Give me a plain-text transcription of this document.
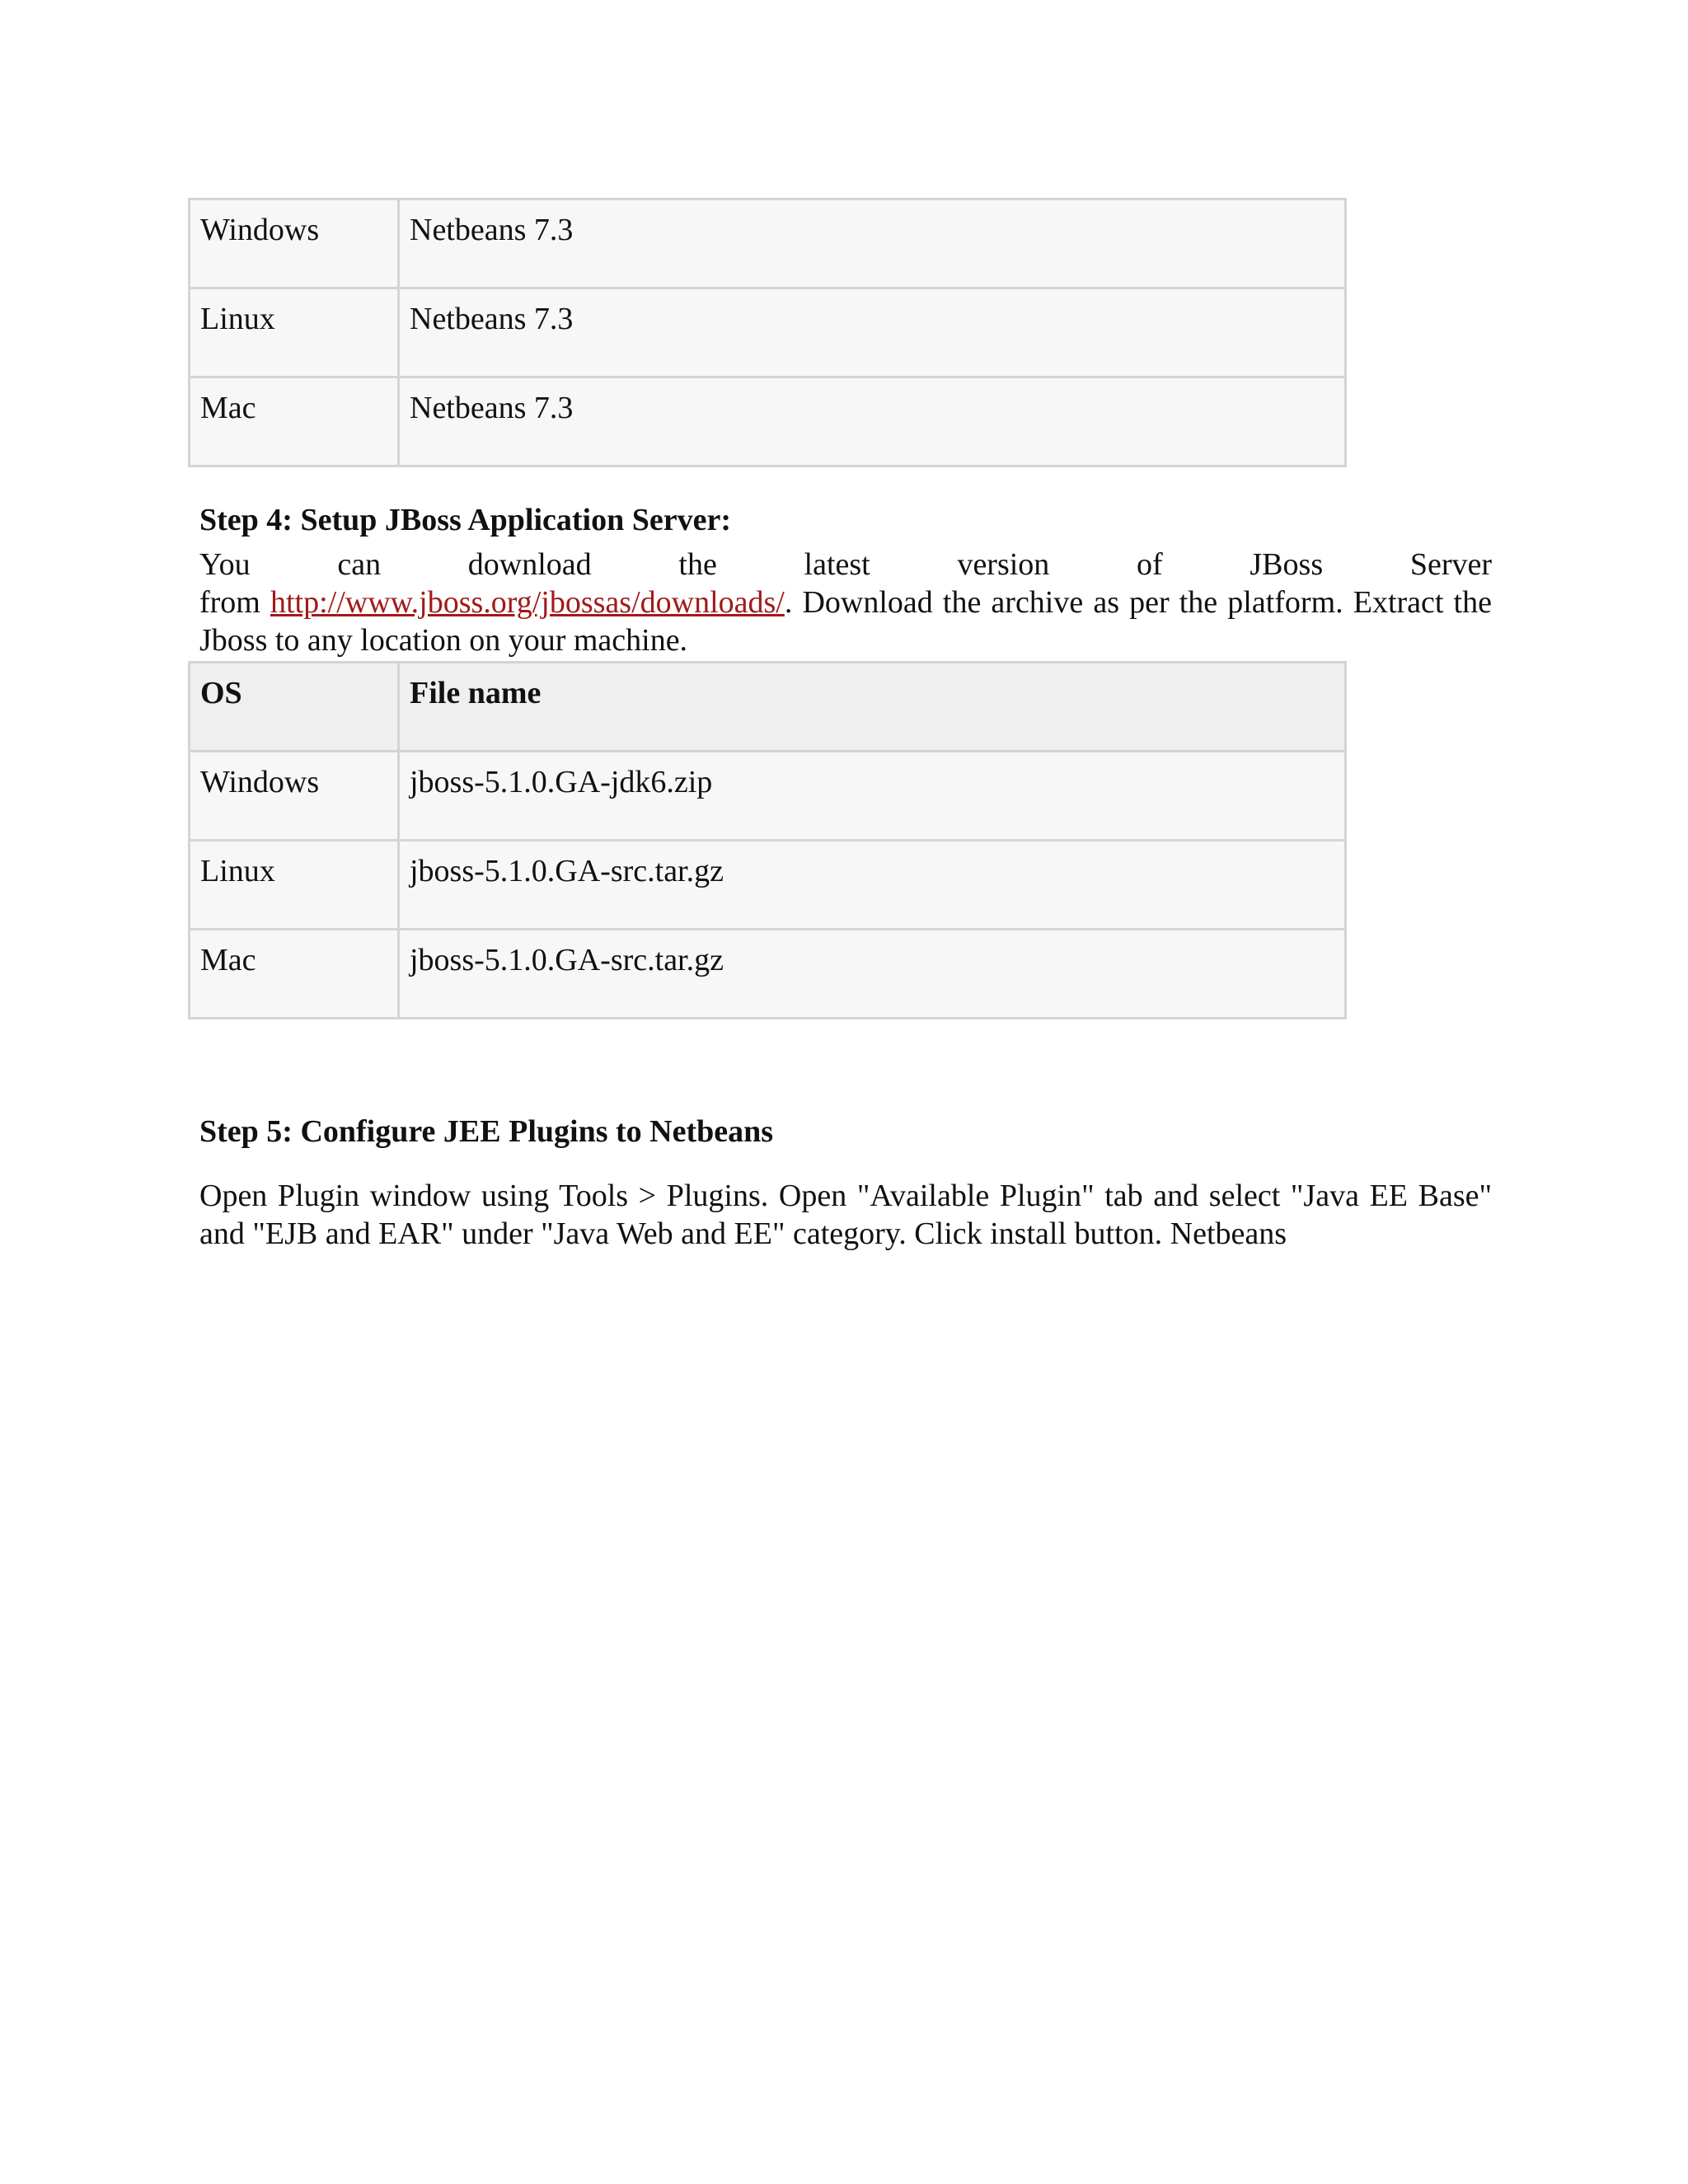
Windows	Netbeans 7.3
Linux	Netbeans 7.3
Mac	Netbeans 7.3
Step 4: Setup JBoss Application Server:
You can download the latest version of JBoss Server
from http://www.jboss.org/jbossas/downloads/. Download the archive as per the platform. Extract the Jboss to any location on your machine.
OS	File name
Windows	jboss-5.1.0.GA-jdk6.zip
Linux	jboss-5.1.0.GA-src.tar.gz
Mac	jboss-5.1.0.GA-src.tar.gz
Step 5: Configure JEE Plugins to Netbeans
Open Plugin window using Tools > Plugins. Open "Available Plugin" tab and select "Java EE Base" and "EJB and EAR" under "Java Web and EE" category. Click install button. Netbeans
